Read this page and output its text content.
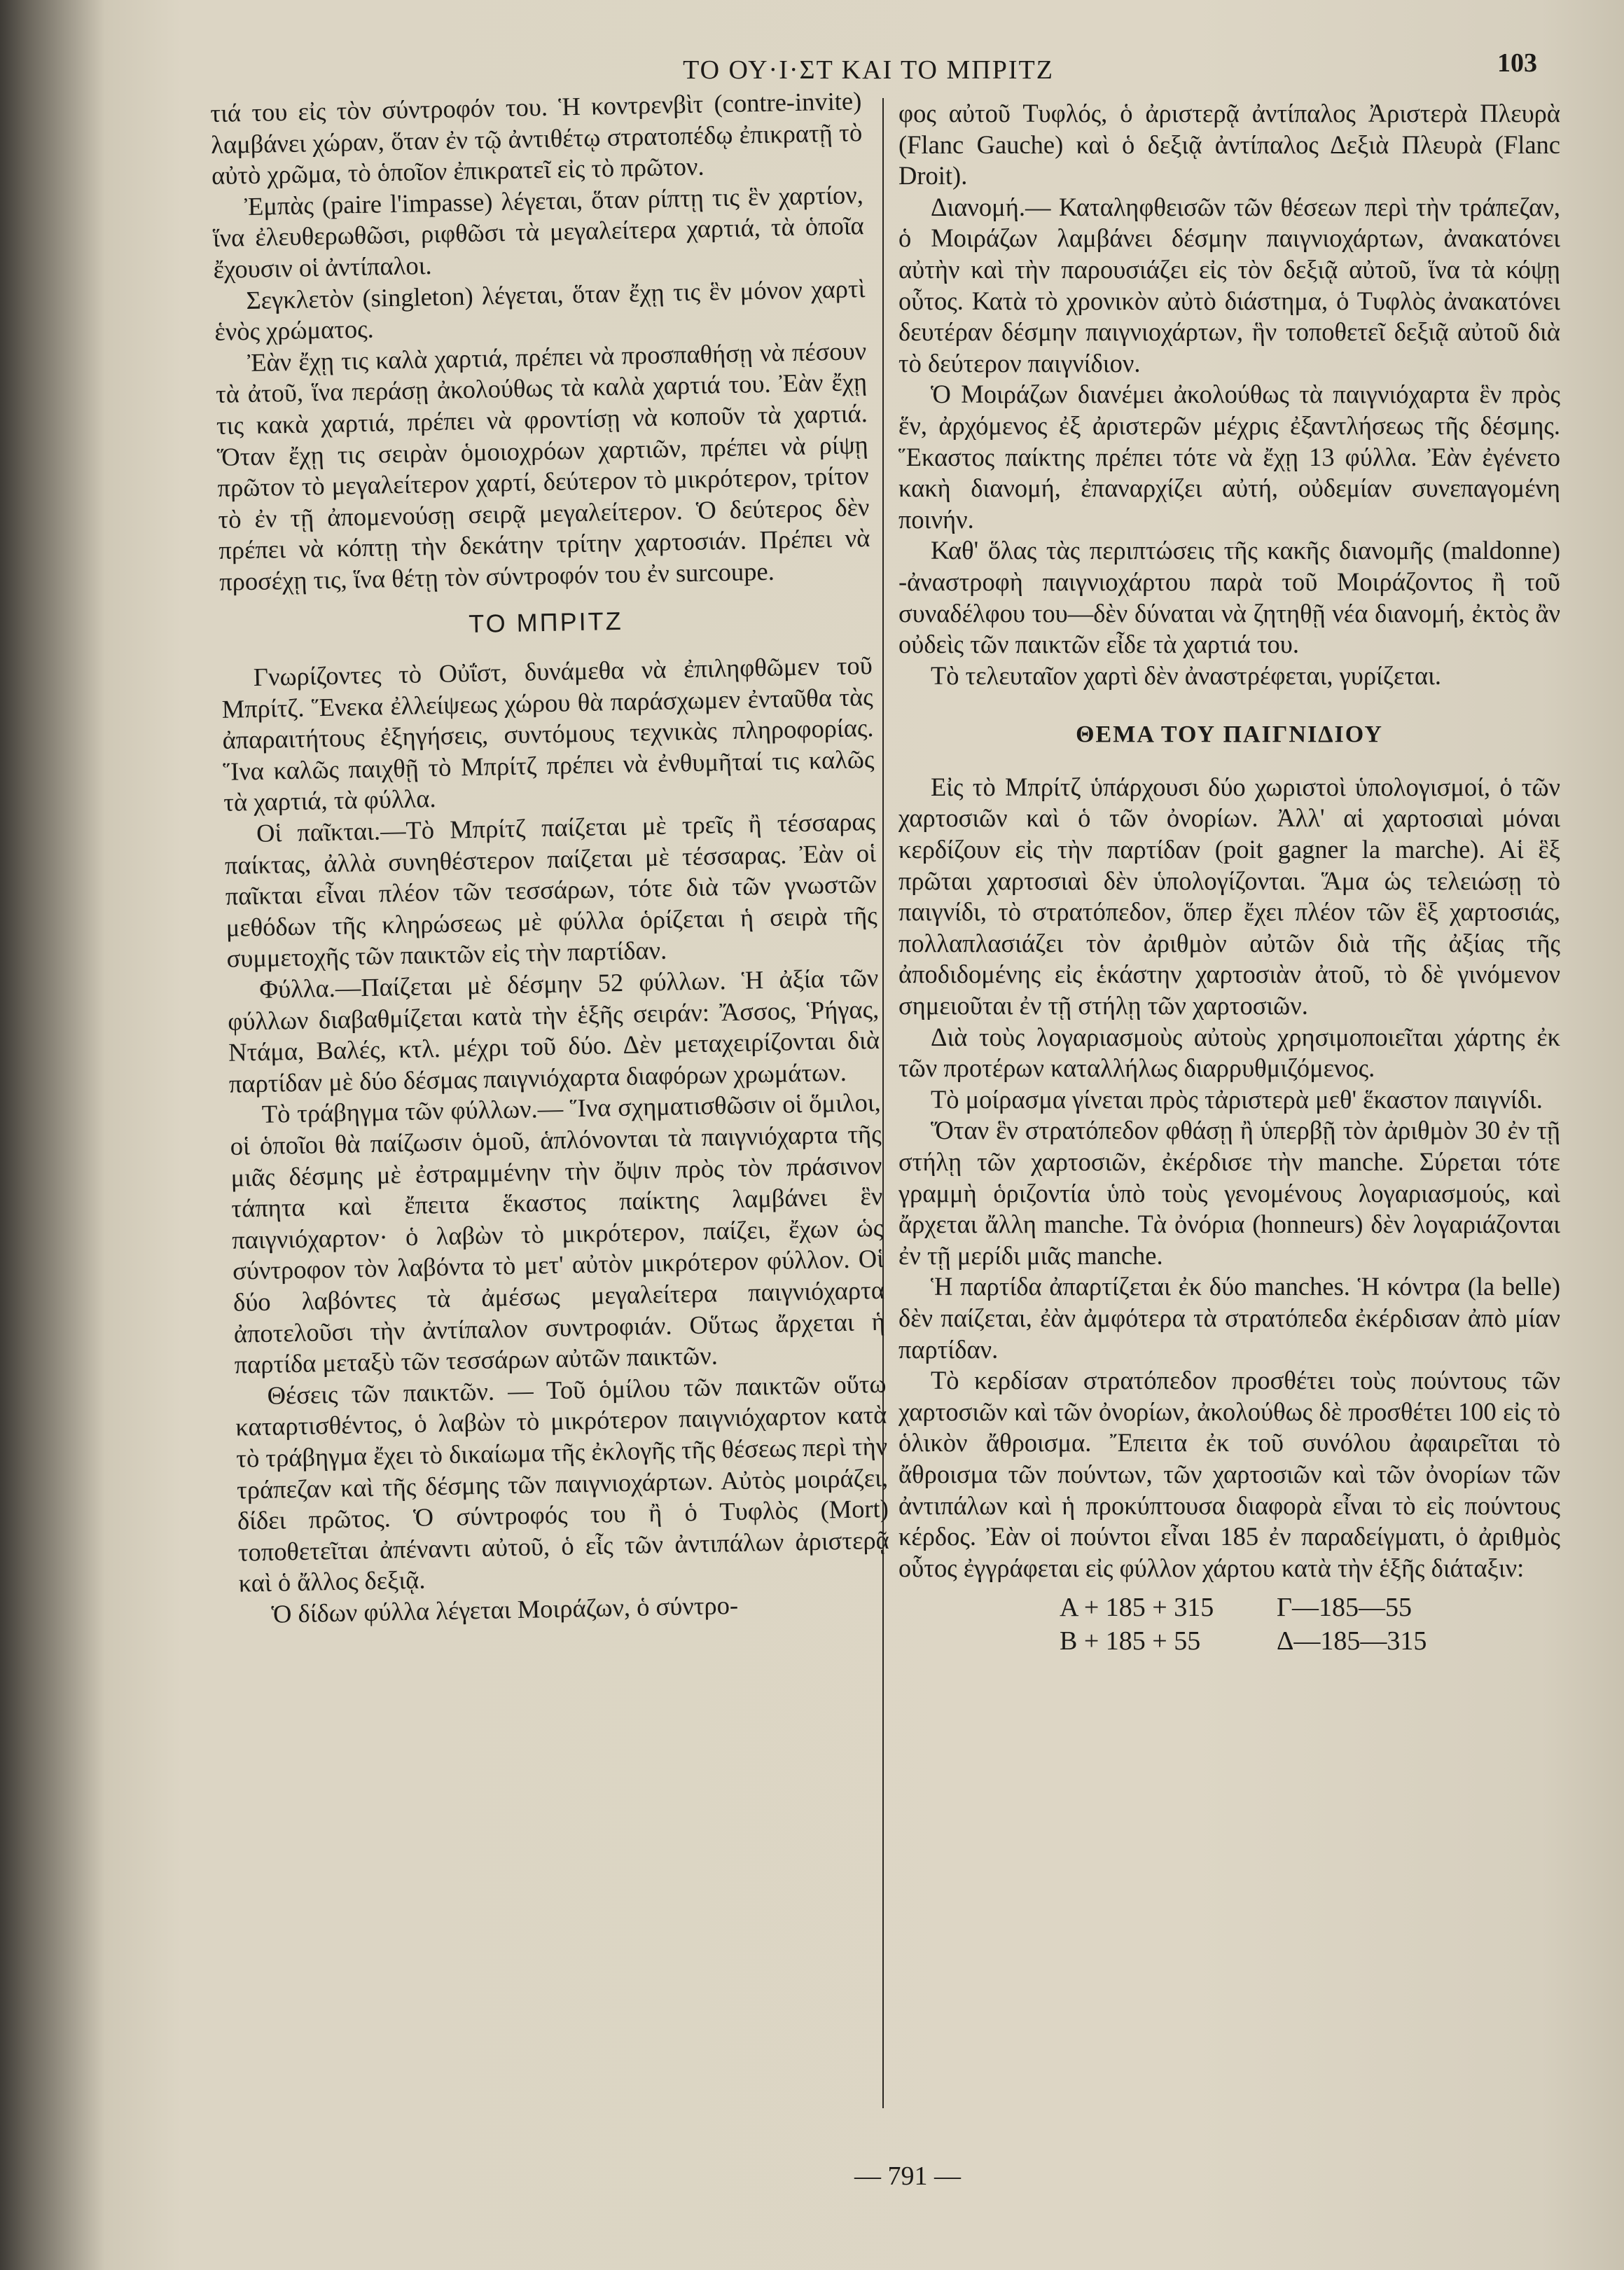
ΤΟ ΟΥ·Ι·ΣΤ ΚΑΙ ΤΟ ΜΠΡΙΤΖ	103

τιά του εἰς τὸν σύντροφόν του. Ἡ κοντρενβὶτ (contre-invite) λαμβάνει χώραν, ὅταν ἐν τῷ ἀντιθέτῳ στρατοπέδῳ ἐπικρατῇ τὸ αὐτὸ χρῶμα, τὸ ὁποῖον ἐπικρατεῖ εἰς τὸ πρῶτον.

Ἐμπὰς (paire l'impasse) λέγεται, ὅταν ρίπτῃ τις ἓν χαρτίον, ἵνα ἐλευθερωθῶσι, ριφθῶσι τὰ μεγαλείτερα χαρτιά, τὰ ὁποῖα ἔχουσιν οἱ ἀντίπαλοι.

Σεγκλετὸν (singleton) λέγεται, ὅταν ἔχῃ τις ἓν μόνον χαρτὶ ἑνὸς χρώματος.

Ἐὰν ἔχῃ τις καλὰ χαρτιά, πρέπει νὰ προσπαθήσῃ νὰ πέσουν τὰ ἀτοῦ, ἵνα περάσῃ ἀκολούθως τὰ καλὰ χαρτιά του. Ἐὰν ἔχῃ τις κακὰ χαρτιά, πρέπει νὰ φροντίσῃ νὰ κοποῦν τὰ χαρτιά. Ὅταν ἔχῃ τις σειρὰν ὁμοιοχρόων χαρτιῶν, πρέπει νὰ ρίψῃ πρῶτον τὸ μεγαλείτερον χαρτί, δεύτερον τὸ μικρότερον, τρίτον τὸ ἐν τῇ ἀπομενούσῃ σειρᾷ μεγαλείτερον. Ὁ δεύτερος δὲν πρέπει νὰ κόπτῃ τὴν δεκάτην τρίτην χαρτοσιάν. Πρέπει νὰ προσέχῃ τις, ἵνα θέτῃ τὸν σύντροφόν του ἐν surcoupe.

ΤΟ ΜΠΡΙΤΖ

Γνωρίζοντες τὸ Οὐΐστ, δυνάμεθα νὰ ἐπιληφθῶμεν τοῦ Μπρίτζ. Ἕνεκα ἐλλείψεως χώρου θὰ παράσχωμεν ἐνταῦθα τὰς ἀπαραιτήτους ἐξηγήσεις, συντόμους τεχνικὰς πληροφορίας. Ἵνα καλῶς παιχθῇ τὸ Μπρίτζ πρέπει νὰ ἐνθυμῆταί τις καλῶς τὰ χαρτιά, τὰ φύλλα.

Οἱ παῖκται.—Τὸ Μπρίτζ παίζεται μὲ τρεῖς ἢ τέσσαρας παίκτας, ἀλλὰ συνηθέστερον παίζεται μὲ τέσσαρας. Ἐὰν οἱ παῖκται εἶναι πλέον τῶν τεσσάρων, τότε διὰ τῶν γνωστῶν μεθόδων τῆς κληρώσεως μὲ φύλλα ὁρίζεται ἡ σειρὰ τῆς συμμετοχῆς τῶν παικτῶν εἰς τὴν παρτίδαν.

Φύλλα.—Παίζεται μὲ δέσμην 52 φύλλων. Ἡ ἀξία τῶν φύλλων διαβαθμίζεται κατὰ τὴν ἑξῆς σειράν: Ἄσσος, Ῥήγας, Ντάμα, Βαλές, κτλ. μέχρι τοῦ δύο. Δὲν μεταχειρίζονται διὰ παρτίδαν μὲ δύο δέσμας παιγνιόχαρτα διαφόρων χρωμάτων.

Τὸ τράβηγμα τῶν φύλλων.— Ἵνα σχηματισθῶσιν οἱ ὅμιλοι, οἱ ὁποῖοι θὰ παίζωσιν ὁμοῦ, ἁπλόνονται τὰ παιγνιόχαρτα τῆς μιᾶς δέσμης μὲ ἐστραμμένην τὴν ὄψιν πρὸς τὸν πράσινον τάπητα καὶ ἔπειτα ἕκαστος παίκτης λαμβάνει ἓν παιγνιόχαρτον· ὁ λαβὼν τὸ μικρότερον, παίζει, ἔχων ὡς σύντροφον τὸν λαβόντα τὸ μετ' αὐτὸν μικρότερον φύλλον. Οἱ δύο λαβόντες τὰ ἀμέσως μεγαλείτερα παιγνιόχαρτα ἀποτελοῦσι τὴν ἀντίπαλον συντροφιάν. Οὕτως ἄρχεται ἡ παρτίδα μεταξὺ τῶν τεσσάρων αὐτῶν παικτῶν.

Θέσεις τῶν παικτῶν. — Τοῦ ὁμίλου τῶν παικτῶν οὕτω καταρτισθέντος, ὁ λαβὼν τὸ μικρότερον παιγνιόχαρτον κατὰ τὸ τράβηγμα ἔχει τὸ δικαίωμα τῆς ἐκλογῆς τῆς θέσεως περὶ τὴν τράπεζαν καὶ τῆς δέσμης τῶν παιγνιοχάρτων. Αὐτὸς μοιράζει, δίδει πρῶτος. Ὁ σύντροφός του ἢ ὁ Τυφλὸς (Mort) τοποθετεῖται ἀπέναντι αὐτοῦ, ὁ εἷς τῶν ἀντιπάλων ἀριστερᾷ καὶ ὁ ἄλλος δεξιᾷ.

Ὁ δίδων φύλλα λέγεται Μοιράζων, ὁ σύντρο-

φος αὐτοῦ Τυφλός, ὁ ἀριστερᾷ ἀντίπαλος Ἀριστερὰ Πλευρὰ (Flanc Gauche) καὶ ὁ δεξιᾷ ἀντίπαλος Δεξιὰ Πλευρὰ (Flanc Droit).

Διανομή.— Καταληφθεισῶν τῶν θέσεων περὶ τὴν τράπεζαν, ὁ Μοιράζων λαμβάνει δέσμην παιγνιοχάρτων, ἀνακατόνει αὐτὴν καὶ τὴν παρουσιάζει εἰς τὸν δεξιᾷ αὐτοῦ, ἵνα τὰ κόψῃ οὗτος. Κατὰ τὸ χρονικὸν αὐτὸ διάστημα, ὁ Τυφλὸς ἀνακατόνει δευτέραν δέσμην παιγνιοχάρτων, ἣν τοποθετεῖ δεξιᾷ αὐτοῦ διὰ τὸ δεύτερον παιγνίδιον.

Ὁ Μοιράζων διανέμει ἀκολούθως τὰ παιγνιόχαρτα ἓν πρὸς ἕν, ἀρχόμενος ἐξ ἀριστερῶν μέχρις ἐξαντλήσεως τῆς δέσμης. Ἕκαστος παίκτης πρέπει τότε νὰ ἔχῃ 13 φύλλα. Ἐὰν ἐγένετο κακὴ διανομή, ἐπαναρχίζει αὐτή, οὐδεμίαν συνεπαγομένη ποινήν.

Καθ' ὅλας τὰς περιπτώσεις τῆς κακῆς διανομῆς (maldonne) -ἀναστροφὴ παιγνιοχάρτου παρὰ τοῦ Μοιράζοντος ἢ τοῦ συναδέλφου του—δὲν δύναται νὰ ζητηθῇ νέα διανομή, ἐκτὸς ἂν οὐδεὶς τῶν παικτῶν εἶδε τὰ χαρτιά του.

Τὸ τελευταῖον χαρτὶ δὲν ἀναστρέφεται, γυρίζεται.

ΘΕΜΑ ΤΟΥ ΠΑΙΓΝΙΔΙΟΥ

Εἰς τὸ Μπρίτζ ὑπάρχουσι δύο χωριστοὶ ὑπολογισμοί, ὁ τῶν χαρτοσιῶν καὶ ὁ τῶν ὀνορίων. Ἀλλ' αἱ χαρτοσιαὶ μόναι κερδίζουν εἰς τὴν παρτίδαν (poit gagner la marche). Αἱ ἓξ πρῶται χαρτοσιαὶ δὲν ὑπολογίζονται. Ἅμα ὡς τελειώσῃ τὸ παιγνίδι, τὸ στρατόπεδον, ὅπερ ἔχει πλέον τῶν ἓξ χαρτοσιάς, πολλαπλασιάζει τὸν ἀριθμὸν αὐτῶν διὰ τῆς ἀξίας τῆς ἀποδιδομένης εἰς ἑκάστην χαρτοσιὰν ἀτοῦ, τὸ δὲ γινόμενον σημειοῦται ἐν τῇ στήλῃ τῶν χαρτοσιῶν.

Διὰ τοὺς λογαριασμοὺς αὐτοὺς χρησιμοποιεῖται χάρτης ἐκ τῶν προτέρων καταλλήλως διαρρυθμιζόμενος.

Τὸ μοίρασμα γίνεται πρὸς τἀριστερὰ μεθ' ἕκαστον παιγνίδι.

Ὅταν ἓν στρατόπεδον φθάσῃ ἢ ὑπερβῇ τὸν ἀριθμὸν 30 ἐν τῇ στήλῃ τῶν χαρτοσιῶν, ἐκέρδισε τὴν manche. Σύρεται τότε γραμμὴ ὁριζοντία ὑπὸ τοὺς γενομένους λογαριασμούς, καὶ ἄρχεται ἄλλη manche. Τὰ ὀνόρια (honneurs) δὲν λογαριάζονται ἐν τῇ μερίδι μιᾶς manche.

Ἡ παρτίδα ἀπαρτίζεται ἐκ δύο manches. Ἡ κόντρα (la belle) δὲν παίζεται, ἐὰν ἀμφότερα τὰ στρατόπεδα ἐκέρδισαν ἀπὸ μίαν παρτίδαν.

Τὸ κερδίσαν στρατόπεδον προσθέτει τοὺς πούντους τῶν χαρτοσιῶν καὶ τῶν ὀνορίων, ἀκολούθως δὲ προσθέτει 100 εἰς τὸ ὁλικὸν ἄθροισμα. Ἔπειτα ἐκ τοῦ συνόλου ἀφαιρεῖται τὸ ἄθροισμα τῶν πούντων, τῶν χαρτοσιῶν καὶ τῶν ὀνορίων τῶν ἀντιπάλων καὶ ἡ προκύπτουσα διαφορὰ εἶναι τὸ εἰς πούντους κέρδος. Ἐὰν οἱ πούντοι εἶναι 185 ἐν παραδείγματι, ὁ ἀριθμὸς οὗτος ἐγγράφεται εἰς φύλλον χάρτου κατὰ τὴν ἑξῆς διάταξιν:

Α + 185 + 315	Γ—185—55
Β + 185 + 55	Δ—185—315
— 791 —
